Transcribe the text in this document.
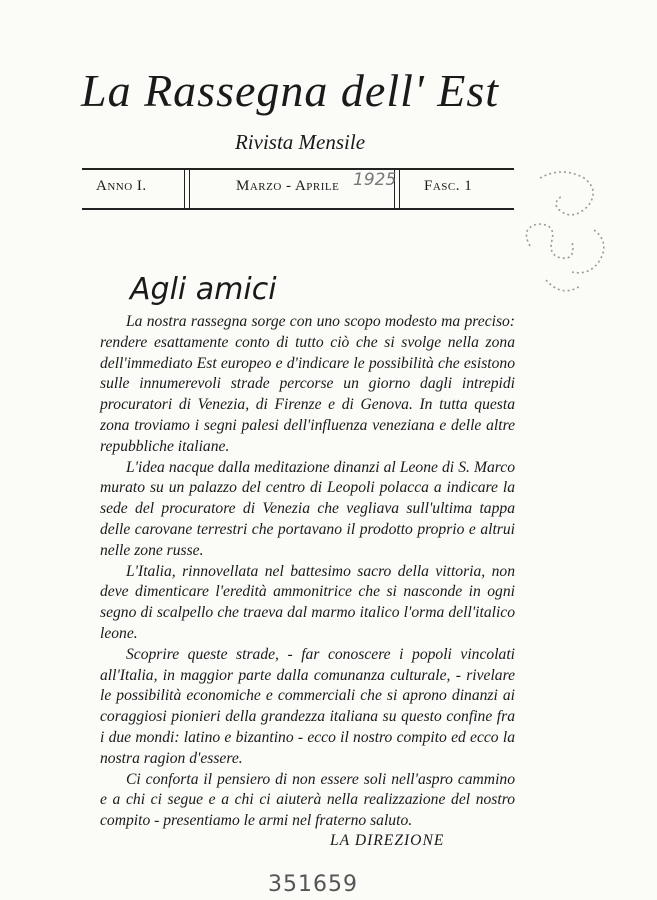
La Rassegna dell' Est
Rivista Mensile
Anno I.	Marzo - Aprile 1925 Fasc. 1
Agli amici

La nostra rassegna sorge con uno scopo modesto ma preciso: rendere esattamente conto di tutto ciò che si svolge nella zona dell'immediato Est europeo e d'indicare le possibilità che esistono sulle innumerevoli strade percorse un giorno dagli intrepidi procuratori di Venezia, di Firenze e di Genova. In tutta questa zona troviamo i segni palesi dell'influenza veneziana e delle altre repubbliche italiane.

L'idea nacque dalla meditazione dinanzi al Leone di S. Marco murato su un palazzo del centro di Leopoli polacca a indicare la sede del procuratore di Venezia che vegliava sull'ultima tappa delle carovane terrestri che portavano il prodotto proprio e altrui nelle zone russe.

L'Italia, rinnovellata nel battesimo sacro della vittoria, non deve dimenticare l'eredità ammonitrice che si nasconde in ogni segno di scalpello che traeva dal marmo italico l'orma dell'italico leone.

Scoprire queste strade, - far conoscere i popoli vincolati all'Italia, in maggior parte dalla comunanza culturale, - rivelare le possibilità economiche e commerciali che si aprono dinanzi ai coraggiosi pionieri della grandezza italiana su questo confine fra i due mondi: latino e bizantino - ecco il nostro compito ed ecco la nostra ragion d'essere.

Ci conforta il pensiero di non essere soli nell'aspro cammino e a chi ci segue e a chi ci aiuterà nella realizzazione del nostro compito - presentiamo le armi nel fraterno saluto.

LA DIREZIONE
351659
